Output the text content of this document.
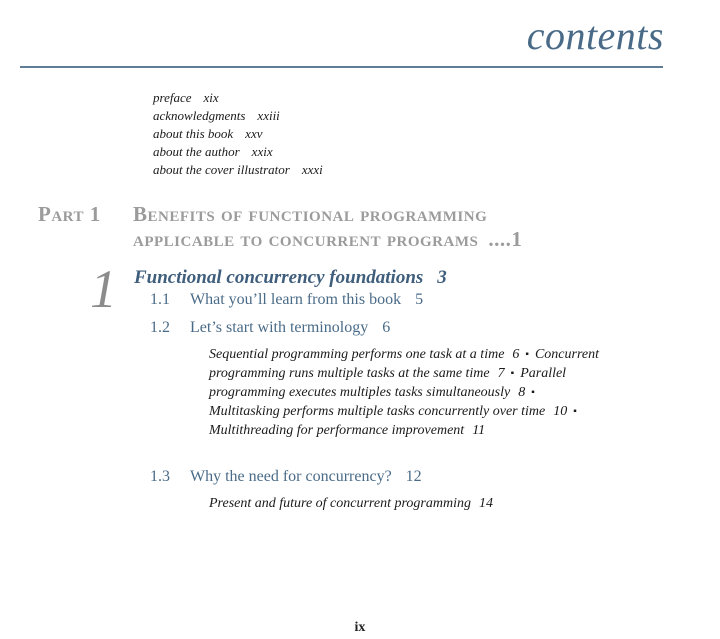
contents
preface xix
acknowledgments xxiii
about this book xxv
about the author xxix
about the cover illustrator xxxi
Part 1 Benefits of functional programming
applicable to concurrent programs ....1
1 Functional concurrency foundations 3
1.1 What you’ll learn from this book 5
1.2 Let’s start with terminology 6
Sequential programming performs one task at a time 6 ▪ Concurrent programming runs multiple tasks at the same time 7 ▪ Parallel programming executes multiples tasks simultaneously 8 ▪Multitasking performs multiple tasks concurrently over time 10 ▪Multithreading for performance improvement 11
1.3 Why the need for concurrency? 12
Present and future of concurrent programming 14
ix
